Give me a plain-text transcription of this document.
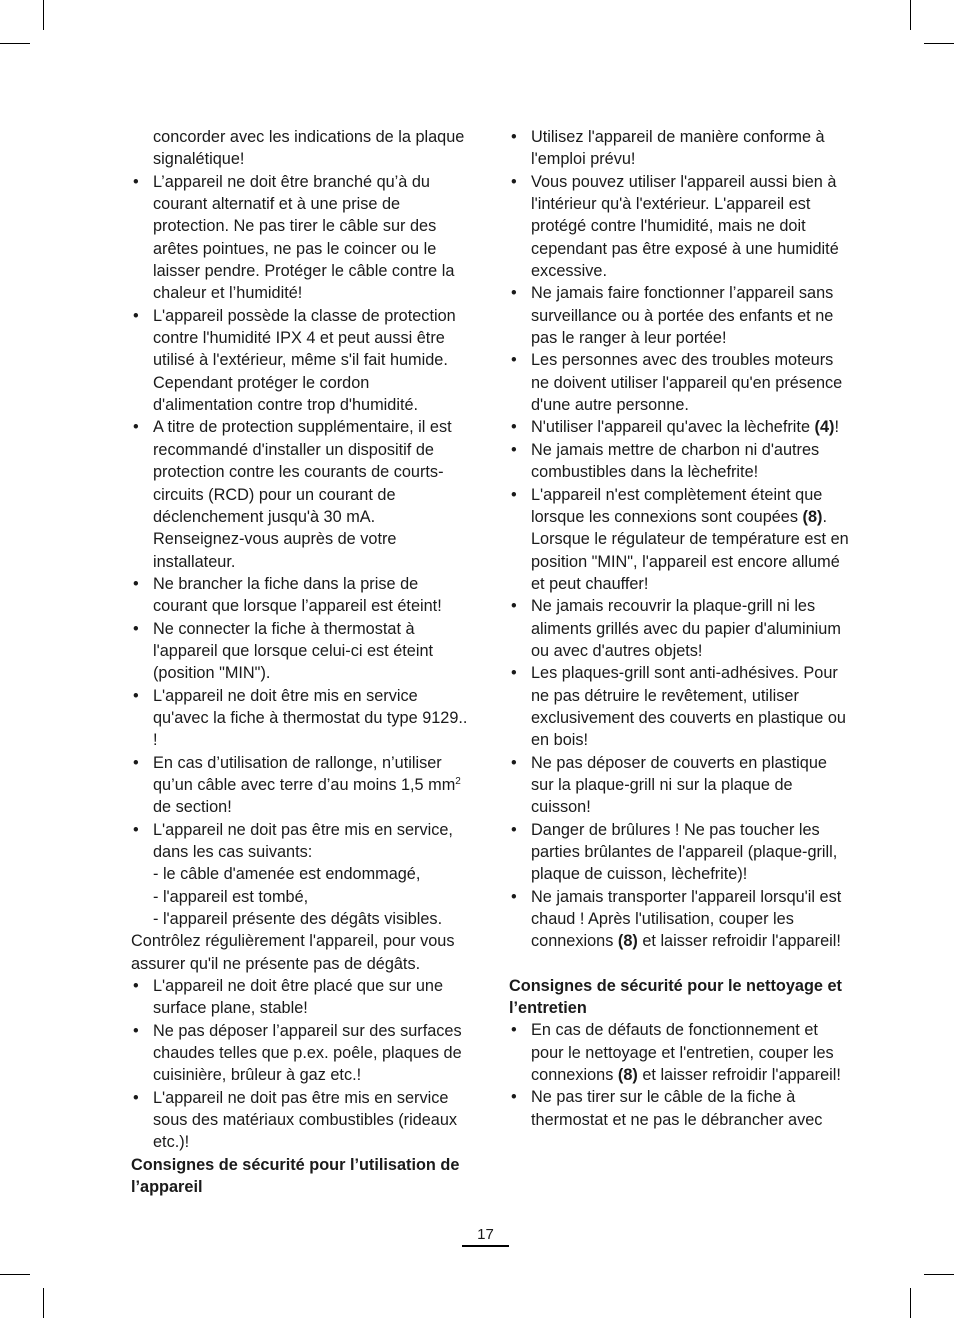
concorder avec les indications de la plaque signalétique!

• L’appareil ne doit être branché qu’à du courant alternatif et à une prise de protection. Ne pas tirer le câble sur des arêtes pointues, ne pas le coincer ou le laisser pendre. Protéger le câble contre la chaleur et l’humidité!

• L'appareil possède la classe de protection contre l'humidité IPX 4 et peut aussi être utilisé à l'extérieur, même s'il fait humide. Cependant protéger le cordon d'alimentation contre trop d'humidité.

• A titre de protection supplémentaire, il est recommandé d'installer un dispositif de protection contre les courants de courts-circuits (RCD) pour un courant de déclenchement jusqu'à 30 mA. Renseignez-vous auprès de votre installateur.

• Ne brancher la fiche dans la prise de courant que lorsque l’appareil est éteint!

• Ne connecter la fiche à thermostat à l'appareil que lorsque celui-ci est éteint (position "MIN").

• L'appareil ne doit être mis en service qu'avec la fiche à thermostat du type 9129.. !

• En cas d’utilisation de rallonge, n’utiliser qu’un câble avec terre d’au moins 1,5 $mm^2$ de section!

• L'appareil ne doit pas être mis en service, dans les cas suivants:

- le câble d'amenée est endommagé,

- l'appareil est tombé,

- l'appareil présente des dégâts visibles.

Contrôlez régulièrement l'appareil, pour vous assurer qu'il ne présente pas de dégâts.

• L'appareil ne doit être placé que sur une surface plane, stable!

• Ne pas déposer l’appareil sur des surfaces chaudes telles que p.ex. poêle, plaques de cuisinière, brûleur à gaz etc.!

• L'appareil ne doit pas être mis en service sous des matériaux combustibles (rideaux etc.)!

Consignes de sécurité pour l’utilisation de l’appareil

• Utilisez l'appareil de manière conforme à l'emploi prévu!

• Vous pouvez utiliser l'appareil aussi bien à l'intérieur qu'à l'extérieur. L'appareil est protégé contre l'humidité, mais ne doit cependant pas être exposé à une humidité excessive.

• Ne jamais faire fonctionner l’appareil sans surveillance ou à portée des enfants et ne pas le ranger à leur portée!

• Les personnes avec des troubles moteurs ne doivent utiliser l'appareil qu'en présence d'une autre personne.

• N'utiliser l'appareil qu'avec la lèchefrite (4)!

• Ne jamais mettre de charbon ni d'autres combustibles dans la lèchefrite!

• L'appareil n'est complètement éteint que lorsque les connexions sont coupées (8). Lorsque le régulateur de température est en position "MIN", l'appareil est encore allumé et peut chauffer!

• Ne jamais recouvrir la plaque-grill ni les aliments grillés avec du papier d'aluminium ou avec d'autres objets!

• Les plaques-grill sont anti-adhésives. Pour ne pas détruire le revêtement, utiliser exclusivement des couverts en plastique ou en bois!

• Ne pas déposer de couverts en plastique sur la plaque-grill ni sur la plaque de cuisson!

• Danger de brûlures ! Ne pas toucher les parties brûlantes de l'appareil (plaque-grill, plaque de cuisson, lèchefrite)!

• Ne jamais transporter l'appareil lorsqu'il est chaud ! Après l'utilisation, couper les connexions (8) et laisser refroidir l'appareil!

Consignes de sécurité pour le nettoyage et l’entretien

• En cas de défauts de fonctionnement et pour le nettoyage et l'entretien, couper les connexions (8) et laisser refroidir l'appareil!

• Ne pas tirer sur le câble de la fiche à thermostat et ne pas le débrancher avec

17
